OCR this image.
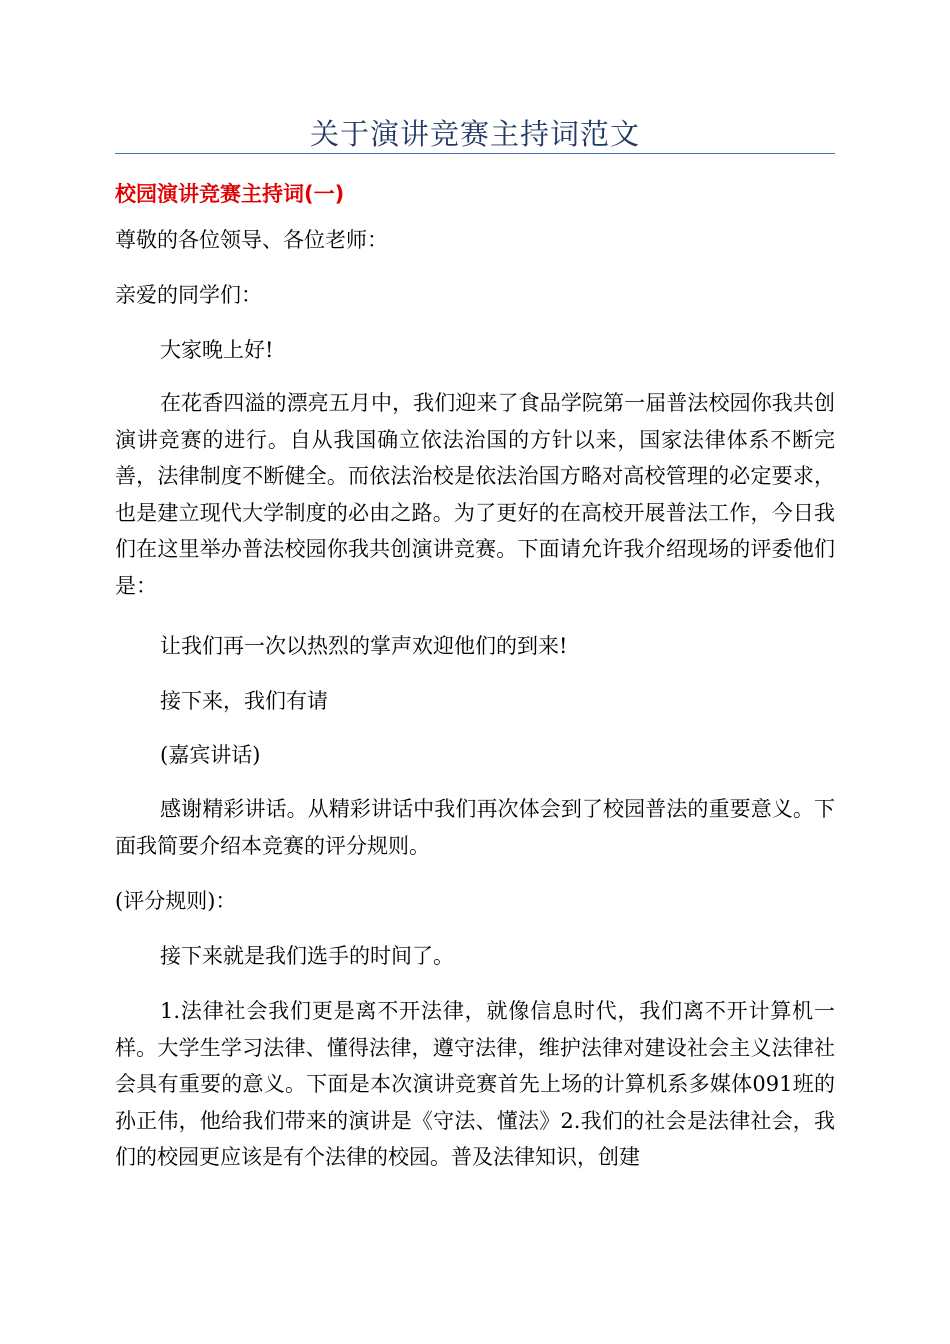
关于演讲竞赛主持词范文
校园演讲竞赛主持词(一)

尊敬的各位领导、各位老师：

亲爱的同学们：

大家晚上好!

在花香四溢的漂亮五月中，我们迎来了食品学院第一届普法校园你我共创演讲竞赛的进行。自从我国确立依法治国的方针以来，国家法律体系不断完善，法律制度不断健全。而依法治校是依法治国方略对高校管理的必定要求，也是建立现代大学制度的必由之路。为了更好的在高校开展普法工作，今日我们在这里举办普法校园你我共创演讲竞赛。下面请允许我介绍现场的评委他们是：

让我们再一次以热烈的掌声欢迎他们的到来!

接下来，我们有请

(嘉宾讲话)

感谢精彩讲话。从精彩讲话中我们再次体会到了校园普法的重要意义。下面我简要介绍本竞赛的评分规则。

(评分规则)：

接下来就是我们选手的时间了。

1.法律社会我们更是离不开法律，就像信息时代，我们离不开计算机一样。大学生学习法律、懂得法律，遵守法律，维护法律对建设社会主义法律社会具有重要的意义。下面是本次演讲竞赛首先上场的计算机系多媒体091班的孙正伟，他给我们带来的演讲是《守法、懂法》2.我们的社会是法律社会，我们的校园更应该是有个法律的校园。普及法律知识，创建
